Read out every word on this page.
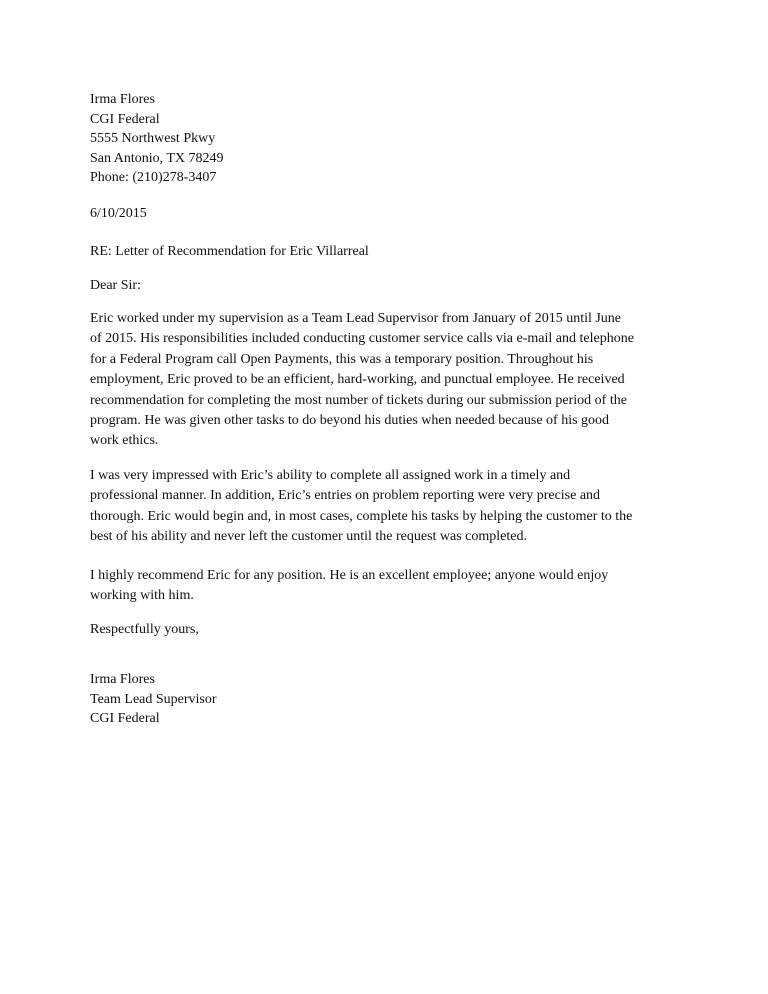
Irma Flores
CGI Federal
5555 Northwest Pkwy
San Antonio, TX 78249
Phone: (210)278-3407
6/10/2015
RE: Letter of Recommendation for Eric Villarreal
Dear Sir:
Eric worked under my supervision as a Team Lead Supervisor from January of 2015 until June
of 2015. His responsibilities included conducting customer service calls via e-mail and telephone
for a Federal Program call Open Payments, this was a temporary position. Throughout his
employment, Eric proved to be an efficient, hard-working, and punctual employee. He received
recommendation for completing the most number of tickets during our submission period of the
program. He was given other tasks to do beyond his duties when needed because of his good
work ethics.
I was very impressed with Eric’s ability to complete all assigned work in a timely and
professional manner. In addition, Eric’s entries on problem reporting were very precise and
thorough. Eric would begin and, in most cases, complete his tasks by helping the customer to the
best of his ability and never left the customer until the request was completed.
I highly recommend Eric for any position. He is an excellent employee; anyone would enjoy
working with him.
Respectfully yours,
Irma Flores
Team Lead Supervisor
CGI Federal
